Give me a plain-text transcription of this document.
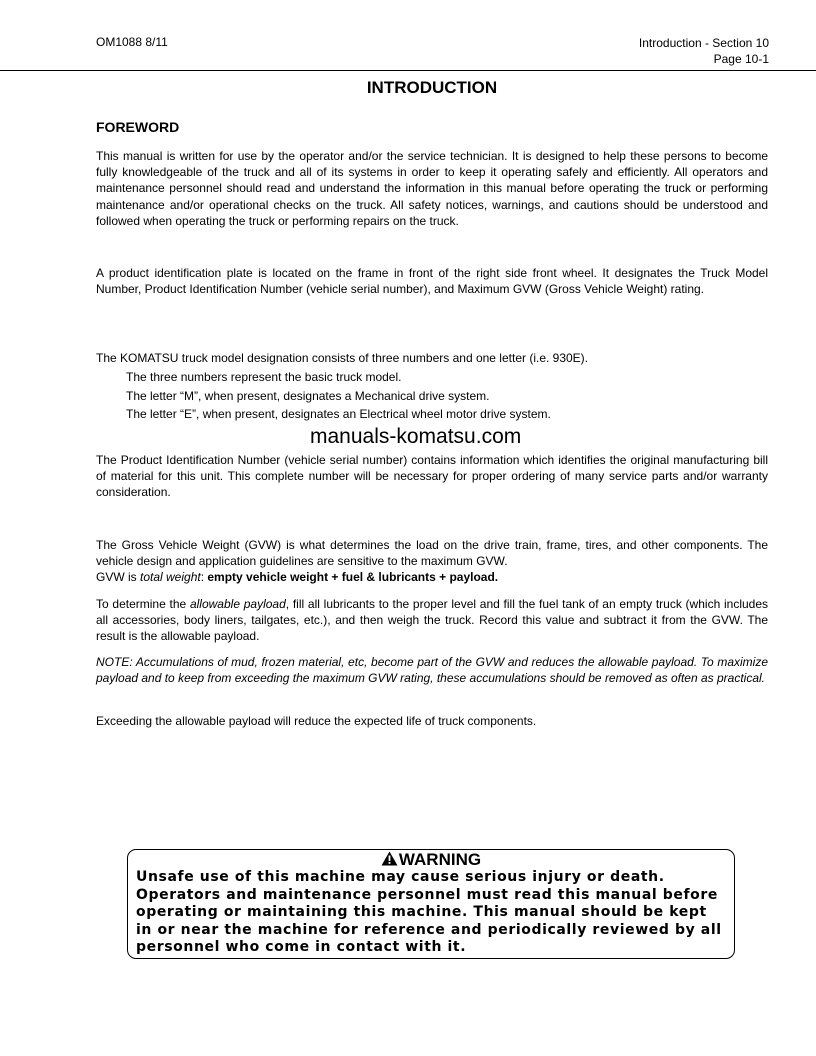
OM1088 8/11	Introduction - Section 10
Page 10-1
INTRODUCTION
FOREWORD

This manual is written for use by the operator and/or the service technician. It is designed to help these persons to become fully knowledgeable of the truck and all of its systems in order to keep it operating safely and efficiently. All operators and maintenance personnel should read and understand the information in this manual before operating the truck or performing maintenance and/or operational checks on the truck. All safety notices, warnings, and cautions should be understood and followed when operating the truck or performing repairs on the truck.

A product identification plate is located on the frame in front of the right side front wheel. It designates the Truck Model Number, Product Identification Number (vehicle serial number), and Maximum GVW (Gross Vehicle Weight) rating.

The KOMATSU truck model designation consists of three numbers and one letter (i.e. 930E).

The three numbers represent the basic truck model.
The letter “M”, when present, designates a Mechanical drive system.
The letter “E”, when present, designates an Electrical wheel motor drive system.
manuals-komatsu.com

The Product Identification Number (vehicle serial number) contains information which identifies the original manufacturing bill of material for this unit. This complete number will be necessary for proper ordering of many service parts and/or warranty consideration.

The Gross Vehicle Weight (GVW) is what determines the load on the drive train, frame, tires, and other components. The vehicle design and application guidelines are sensitive to the maximum GVW.

GVW is total weight: empty vehicle weight + fuel & lubricants + payload.

To determine the allowable payload, fill all lubricants to the proper level and fill the fuel tank of an empty truck (which includes all accessories, body liners, tailgates, etc.), and then weigh the truck. Record this value and subtract it from the GVW. The result is the allowable payload.

NOTE: Accumulations of mud, frozen material, etc, become part of the GVW and reduces the allowable payload. To maximize payload and to keep from exceeding the maximum GVW rating, these accumulations should be removed as often as practical.

Exceeding the allowable payload will reduce the expected life of truck components.

WARNING

Unsafe use of this machine may cause serious injury or death. Operators and maintenance personnel must read this manual before operating or maintaining this machine. This manual should be kept in or near the machine for reference and periodically reviewed by all personnel who come in contact with it.
